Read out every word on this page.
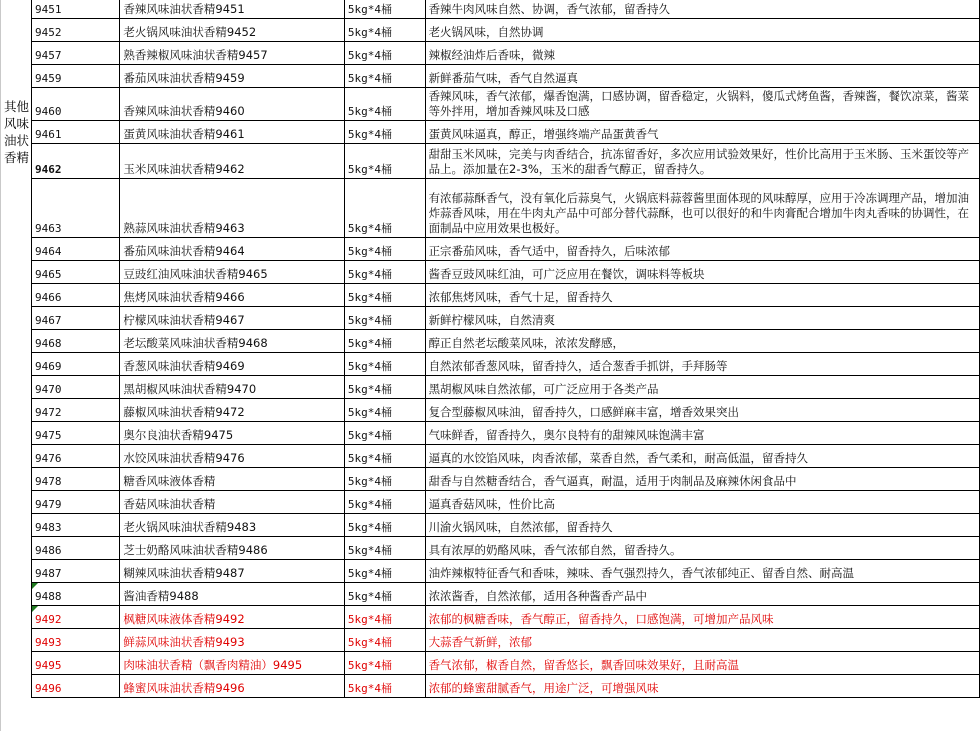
其他风味油状香精
9451	香辣风味油状香精9451	5kg*4桶	香辣牛肉风味自然、协调，香气浓郁，留香持久
9452	老火锅风味油状香精9452	5kg*4桶	老火锅风味，自然协调
9457	熟香辣椒风味油状香精9457	5kg*4桶	辣椒经油炸后香味，微辣
9459	番茄风味油状香精9459	5kg*4桶	新鲜番茄气味，香气自然逼真
9460	香辣风味油状香精9460	5kg*4桶	香辣风味，香气浓郁，爆香饱满，口感协调，留香稳定，火锅料，傻瓜式烤鱼酱，香辣酱，餐饮凉菜，酱菜等外拌用，增加香辣风味及口感
9461	蛋黄风味油状香精9461	5kg*4桶	蛋黄风味逼真，醇正，增强终端产品蛋黄香气
9462	玉米风味油状香精9462	5kg*4桶	甜甜玉米风味，完美与肉香结合，抗冻留香好，多次应用试验效果好，性价比高用于玉米肠、玉米蛋饺等产品上。添加量在2-3%，玉米的甜香气醇正，留香持久。
9463	熟蒜风味油状香精9463	5kg*4桶	有浓郁蒜酥香气，没有氧化后蒜臭气，火锅底料蒜蓉酱里面体现的风味醇厚，应用于冷冻调理产品，增加油炸蒜香风味，用在牛肉丸产品中可部分替代蒜酥，也可以很好的和牛肉膏配合增加牛肉丸香味的协调性，在面制品中应用效果也极好。
9464	番茄风味油状香精9464	5kg*4桶	正宗番茄风味，香气适中，留香持久，后味浓郁
9465	豆豉红油风味油状香精9465	5kg*4桶	酱香豆豉风味红油，可广泛应用在餐饮，调味料等板块
9466	焦烤风味油状香精9466	5kg*4桶	浓郁焦烤风味，香气十足，留香持久
9467	柠檬风味油状香精9467	5kg*4桶	新鲜柠檬风味，自然清爽
9468	老坛酸菜风味油状香精9468	5kg*4桶	醇正自然老坛酸菜风味，浓浓发酵感，
9469	香葱风味油状香精9469	5kg*4桶	自然浓郁香葱风味，留香持久，适合葱香手抓饼，手拜肠等
9470	黑胡椒风味油状香精9470	5kg*4桶	黑胡椒风味自然浓郁，可广泛应用于各类产品
9472	藤椒风味油状香精9472	5kg*4桶	复合型藤椒风味油，留香持久，口感鲜麻丰富，增香效果突出
9475	奥尔良油状香精9475	5kg*4桶	气味鲜香，留香持久，奥尔良特有的甜辣风味饱满丰富
9476	水饺风味油状香精9476	5kg*4桶	逼真的水饺馅风味，肉香浓郁，菜香自然，香气柔和，耐高低温，留香持久
9478	糖香风味液体香精	5kg*4桶	甜香与自然糖香结合，香气逼真，耐温，适用于肉制品及麻辣休闲食品中
9479	香菇风味油状香精	5kg*4桶	逼真香菇风味，性价比高
9483	老火锅风味油状香精9483	5kg*4桶	川渝火锅风味，自然浓郁，留香持久
9486	芝士奶酪风味油状香精9486	5kg*4桶	具有浓厚的奶酪风味，香气浓郁自然，留香持久。
9487	糊辣风味油状香精9487	5kg*4桶	油炸辣椒特征香气和香味，辣味、香气强烈持久，香气浓郁纯正、留香自然、耐高温
9488	酱油香精9488	5kg*4桶	浓浓酱香，自然浓郁，适用各种酱香产品中
9492	枫糖风味液体香精9492	5kg*4桶	浓郁的枫糖香味，香气醇正，留香持久，口感饱满，可增加产品风味
9493	鲜蒜风味油状香精9493	5kg*4桶	大蒜香气新鲜，浓郁
9495	肉味油状香精（飘香肉精油）9495	5kg*4桶	香气浓郁，椒香自然，留香悠长，飘香回味效果好，且耐高温
9496	蜂蜜风味油状香精9496	5kg*4桶	浓郁的蜂蜜甜腻香气，用途广泛，可增强风味
